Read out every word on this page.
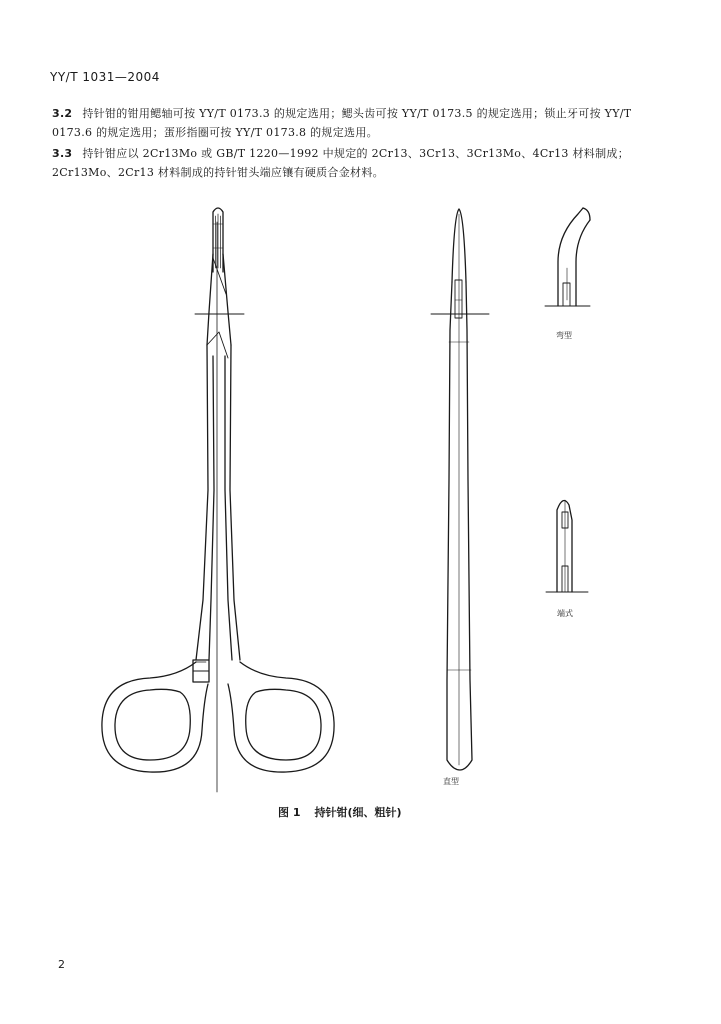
YY/T 1031—2004
3.2 持针钳的钳用鳃轴可按 YY/T 0173.3 的规定选用；鳃头齿可按 YY/T 0173.5 的规定选用；锁止牙可按 YY/T 0173.6 的规定选用；蛋形指圈可按 YY/T 0173.8 的规定选用。
3.3 持针钳应以 2Cr13Mo 或 GB/T 1220—1992 中规定的 2Cr13、3Cr13、3Cr13Mo、4Cr13 材料制成；2Cr13Mo、2Cr13 材料制成的持针钳头端应镶有硬质合金材料。
弯型
端式
直型
图 1 持针钳(细、粗针)
2
